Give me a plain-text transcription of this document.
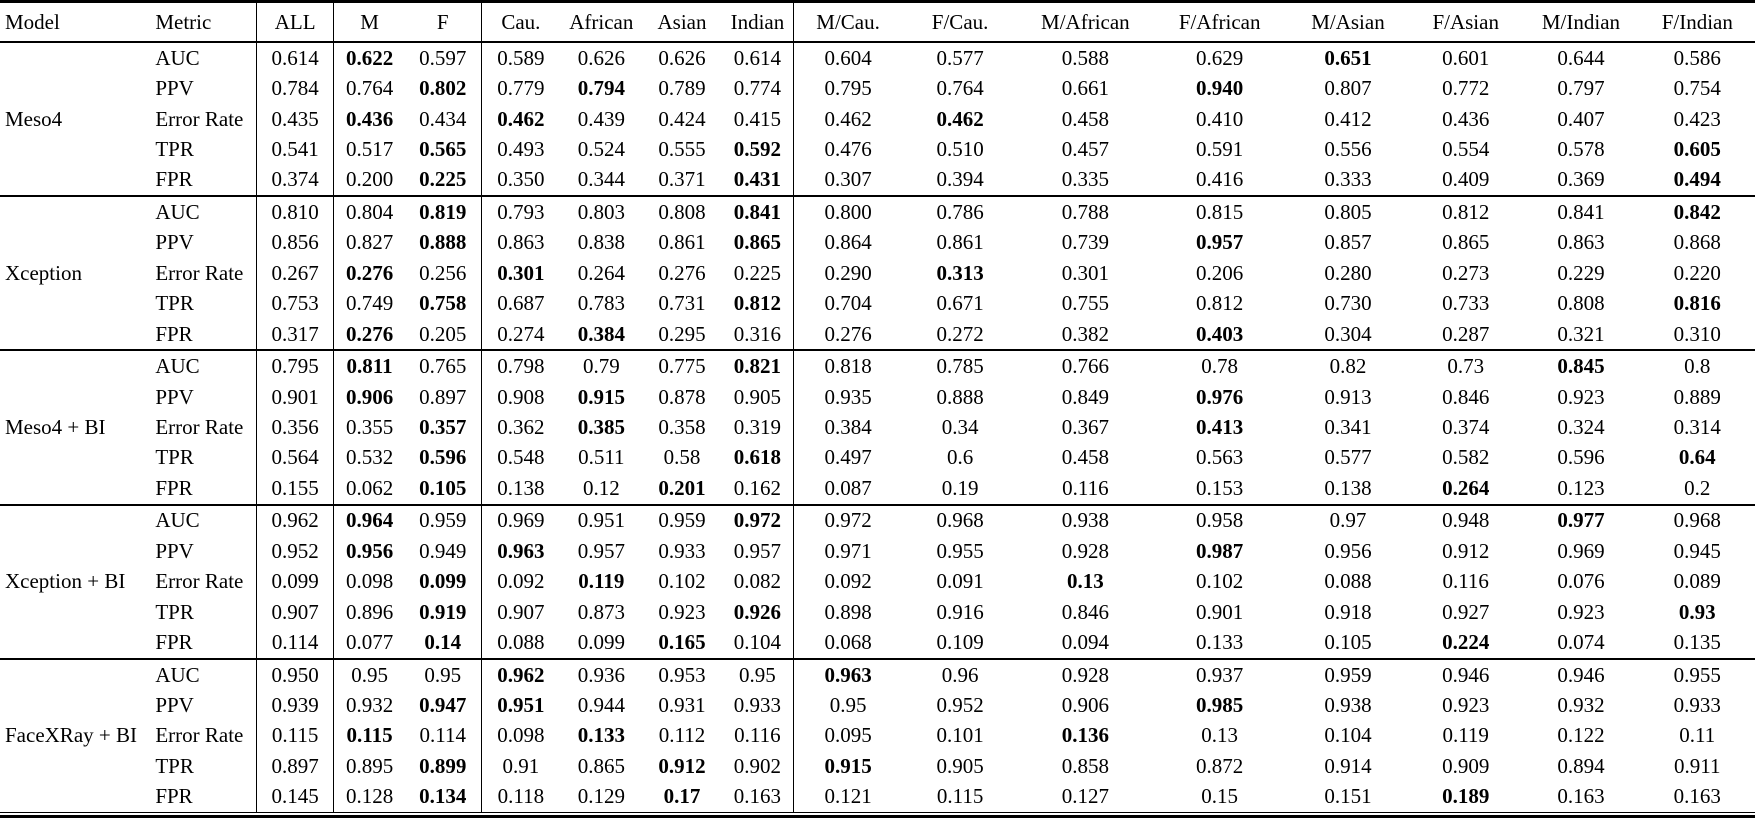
Model	Metric	ALL	M	F	Cau.	African	Asian	Indian	M/Cau.	F/Cau.	M/African	F/African	M/Asian	F/Asian	M/Indian	F/Indian
Meso4	AUC	0.614	0.622	0.597	0.589	0.626	0.626	0.614	0.604	0.577	0.588	0.629	0.651	0.601	0.644	0.586
	PPV	0.784	0.764	0.802	0.779	0.794	0.789	0.774	0.795	0.764	0.661	0.940	0.807	0.772	0.797	0.754
	Error Rate	0.435	0.436	0.434	0.462	0.439	0.424	0.415	0.462	0.462	0.458	0.410	0.412	0.436	0.407	0.423
	TPR	0.541	0.517	0.565	0.493	0.524	0.555	0.592	0.476	0.510	0.457	0.591	0.556	0.554	0.578	0.605
	FPR	0.374	0.200	0.225	0.350	0.344	0.371	0.431	0.307	0.394	0.335	0.416	0.333	0.409	0.369	0.494
Xception	AUC	0.810	0.804	0.819	0.793	0.803	0.808	0.841	0.800	0.786	0.788	0.815	0.805	0.812	0.841	0.842
	PPV	0.856	0.827	0.888	0.863	0.838	0.861	0.865	0.864	0.861	0.739	0.957	0.857	0.865	0.863	0.868
	Error Rate	0.267	0.276	0.256	0.301	0.264	0.276	0.225	0.290	0.313	0.301	0.206	0.280	0.273	0.229	0.220
	TPR	0.753	0.749	0.758	0.687	0.783	0.731	0.812	0.704	0.671	0.755	0.812	0.730	0.733	0.808	0.816
	FPR	0.317	0.276	0.205	0.274	0.384	0.295	0.316	0.276	0.272	0.382	0.403	0.304	0.287	0.321	0.310
Meso4 + BI	AUC	0.795	0.811	0.765	0.798	0.79	0.775	0.821	0.818	0.785	0.766	0.78	0.82	0.73	0.845	0.8
	PPV	0.901	0.906	0.897	0.908	0.915	0.878	0.905	0.935	0.888	0.849	0.976	0.913	0.846	0.923	0.889
	Error Rate	0.356	0.355	0.357	0.362	0.385	0.358	0.319	0.384	0.34	0.367	0.413	0.341	0.374	0.324	0.314
	TPR	0.564	0.532	0.596	0.548	0.511	0.58	0.618	0.497	0.6	0.458	0.563	0.577	0.582	0.596	0.64
	FPR	0.155	0.062	0.105	0.138	0.12	0.201	0.162	0.087	0.19	0.116	0.153	0.138	0.264	0.123	0.2
Xception + BI	AUC	0.962	0.964	0.959	0.969	0.951	0.959	0.972	0.972	0.968	0.938	0.958	0.97	0.948	0.977	0.968
	PPV	0.952	0.956	0.949	0.963	0.957	0.933	0.957	0.971	0.955	0.928	0.987	0.956	0.912	0.969	0.945
	Error Rate	0.099	0.098	0.099	0.092	0.119	0.102	0.082	0.092	0.091	0.13	0.102	0.088	0.116	0.076	0.089
	TPR	0.907	0.896	0.919	0.907	0.873	0.923	0.926	0.898	0.916	0.846	0.901	0.918	0.927	0.923	0.93
	FPR	0.114	0.077	0.14	0.088	0.099	0.165	0.104	0.068	0.109	0.094	0.133	0.105	0.224	0.074	0.135
FaceXRay + BI	AUC	0.950	0.95	0.95	0.962	0.936	0.953	0.95	0.963	0.96	0.928	0.937	0.959	0.946	0.946	0.955
	PPV	0.939	0.932	0.947	0.951	0.944	0.931	0.933	0.95	0.952	0.906	0.985	0.938	0.923	0.932	0.933
	Error Rate	0.115	0.115	0.114	0.098	0.133	0.112	0.116	0.095	0.101	0.136	0.13	0.104	0.119	0.122	0.11
	TPR	0.897	0.895	0.899	0.91	0.865	0.912	0.902	0.915	0.905	0.858	0.872	0.914	0.909	0.894	0.911
	FPR	0.145	0.128	0.134	0.118	0.129	0.17	0.163	0.121	0.115	0.127	0.15	0.151	0.189	0.163	0.163
